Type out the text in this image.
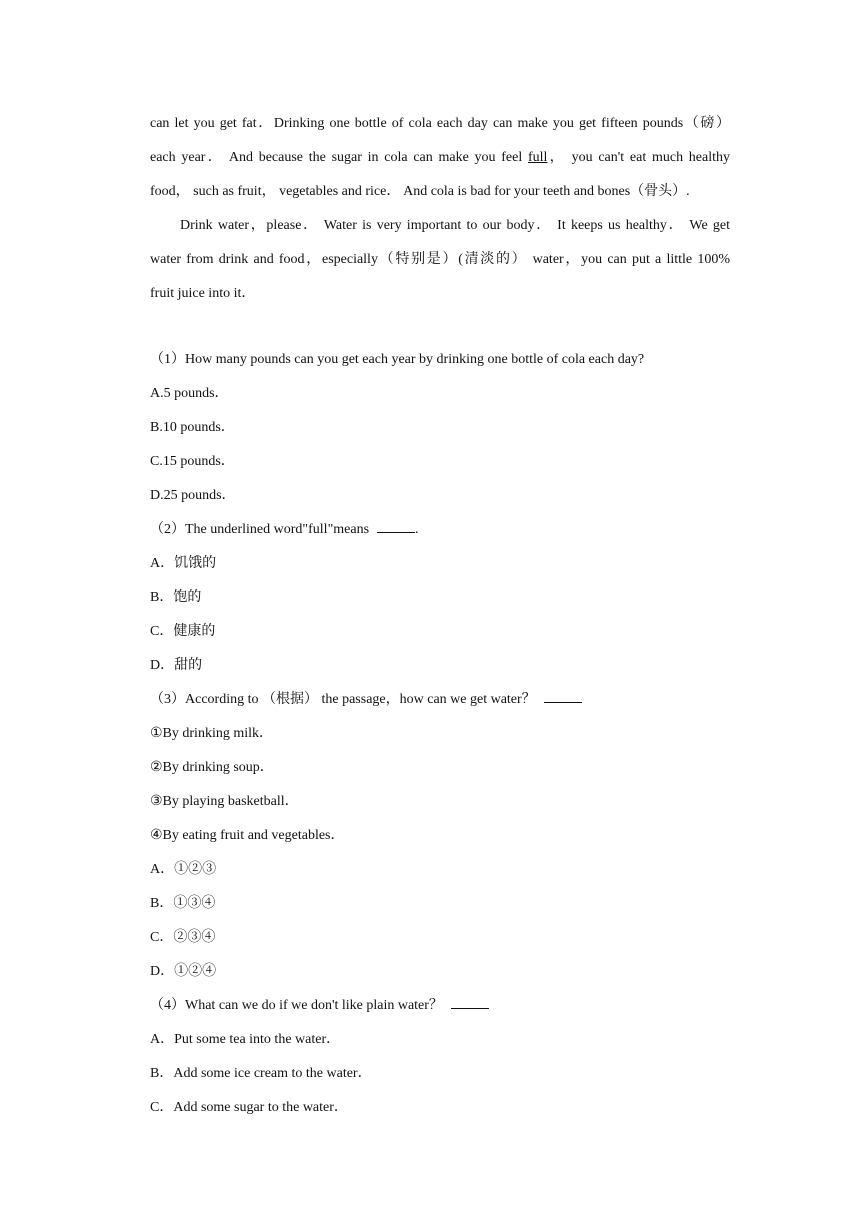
can let you get fat．Drinking one bottle of cola each day can make you get fifteen pounds（磅）
each year． And because the sugar in cola can make you feel full， you can't eat much healthy
food， such as fruit， vegetables and rice． And cola is bad for your teeth and bones（骨头）.
Drink water，please． Water is very important to our body． It keeps us healthy． We get
water from drink and food，especially（特别是）(清淡的） water，you can put a little 100%
fruit juice into it．
（1）How many pounds can you get each year by drinking one bottle of cola each day?
A.5 pounds．
B.10 pounds．
C.15 pounds．
D.25 pounds．
（2）The underlined word"full"means	.
A．饥饿的
B．饱的
C．健康的
D．甜的
（3）According to （根据） the passage，how can we get water？
①By drinking milk．
②By drinking soup．
③By playing basketball．
④By eating fruit and vegetables．
A．①②③
B．①③④
C．②③④
D．①②④
（4）What can we do if we don't like plain water？
A．Put some tea into the water．
B．Add some ice cream to the water．
C．Add some sugar to the water．
